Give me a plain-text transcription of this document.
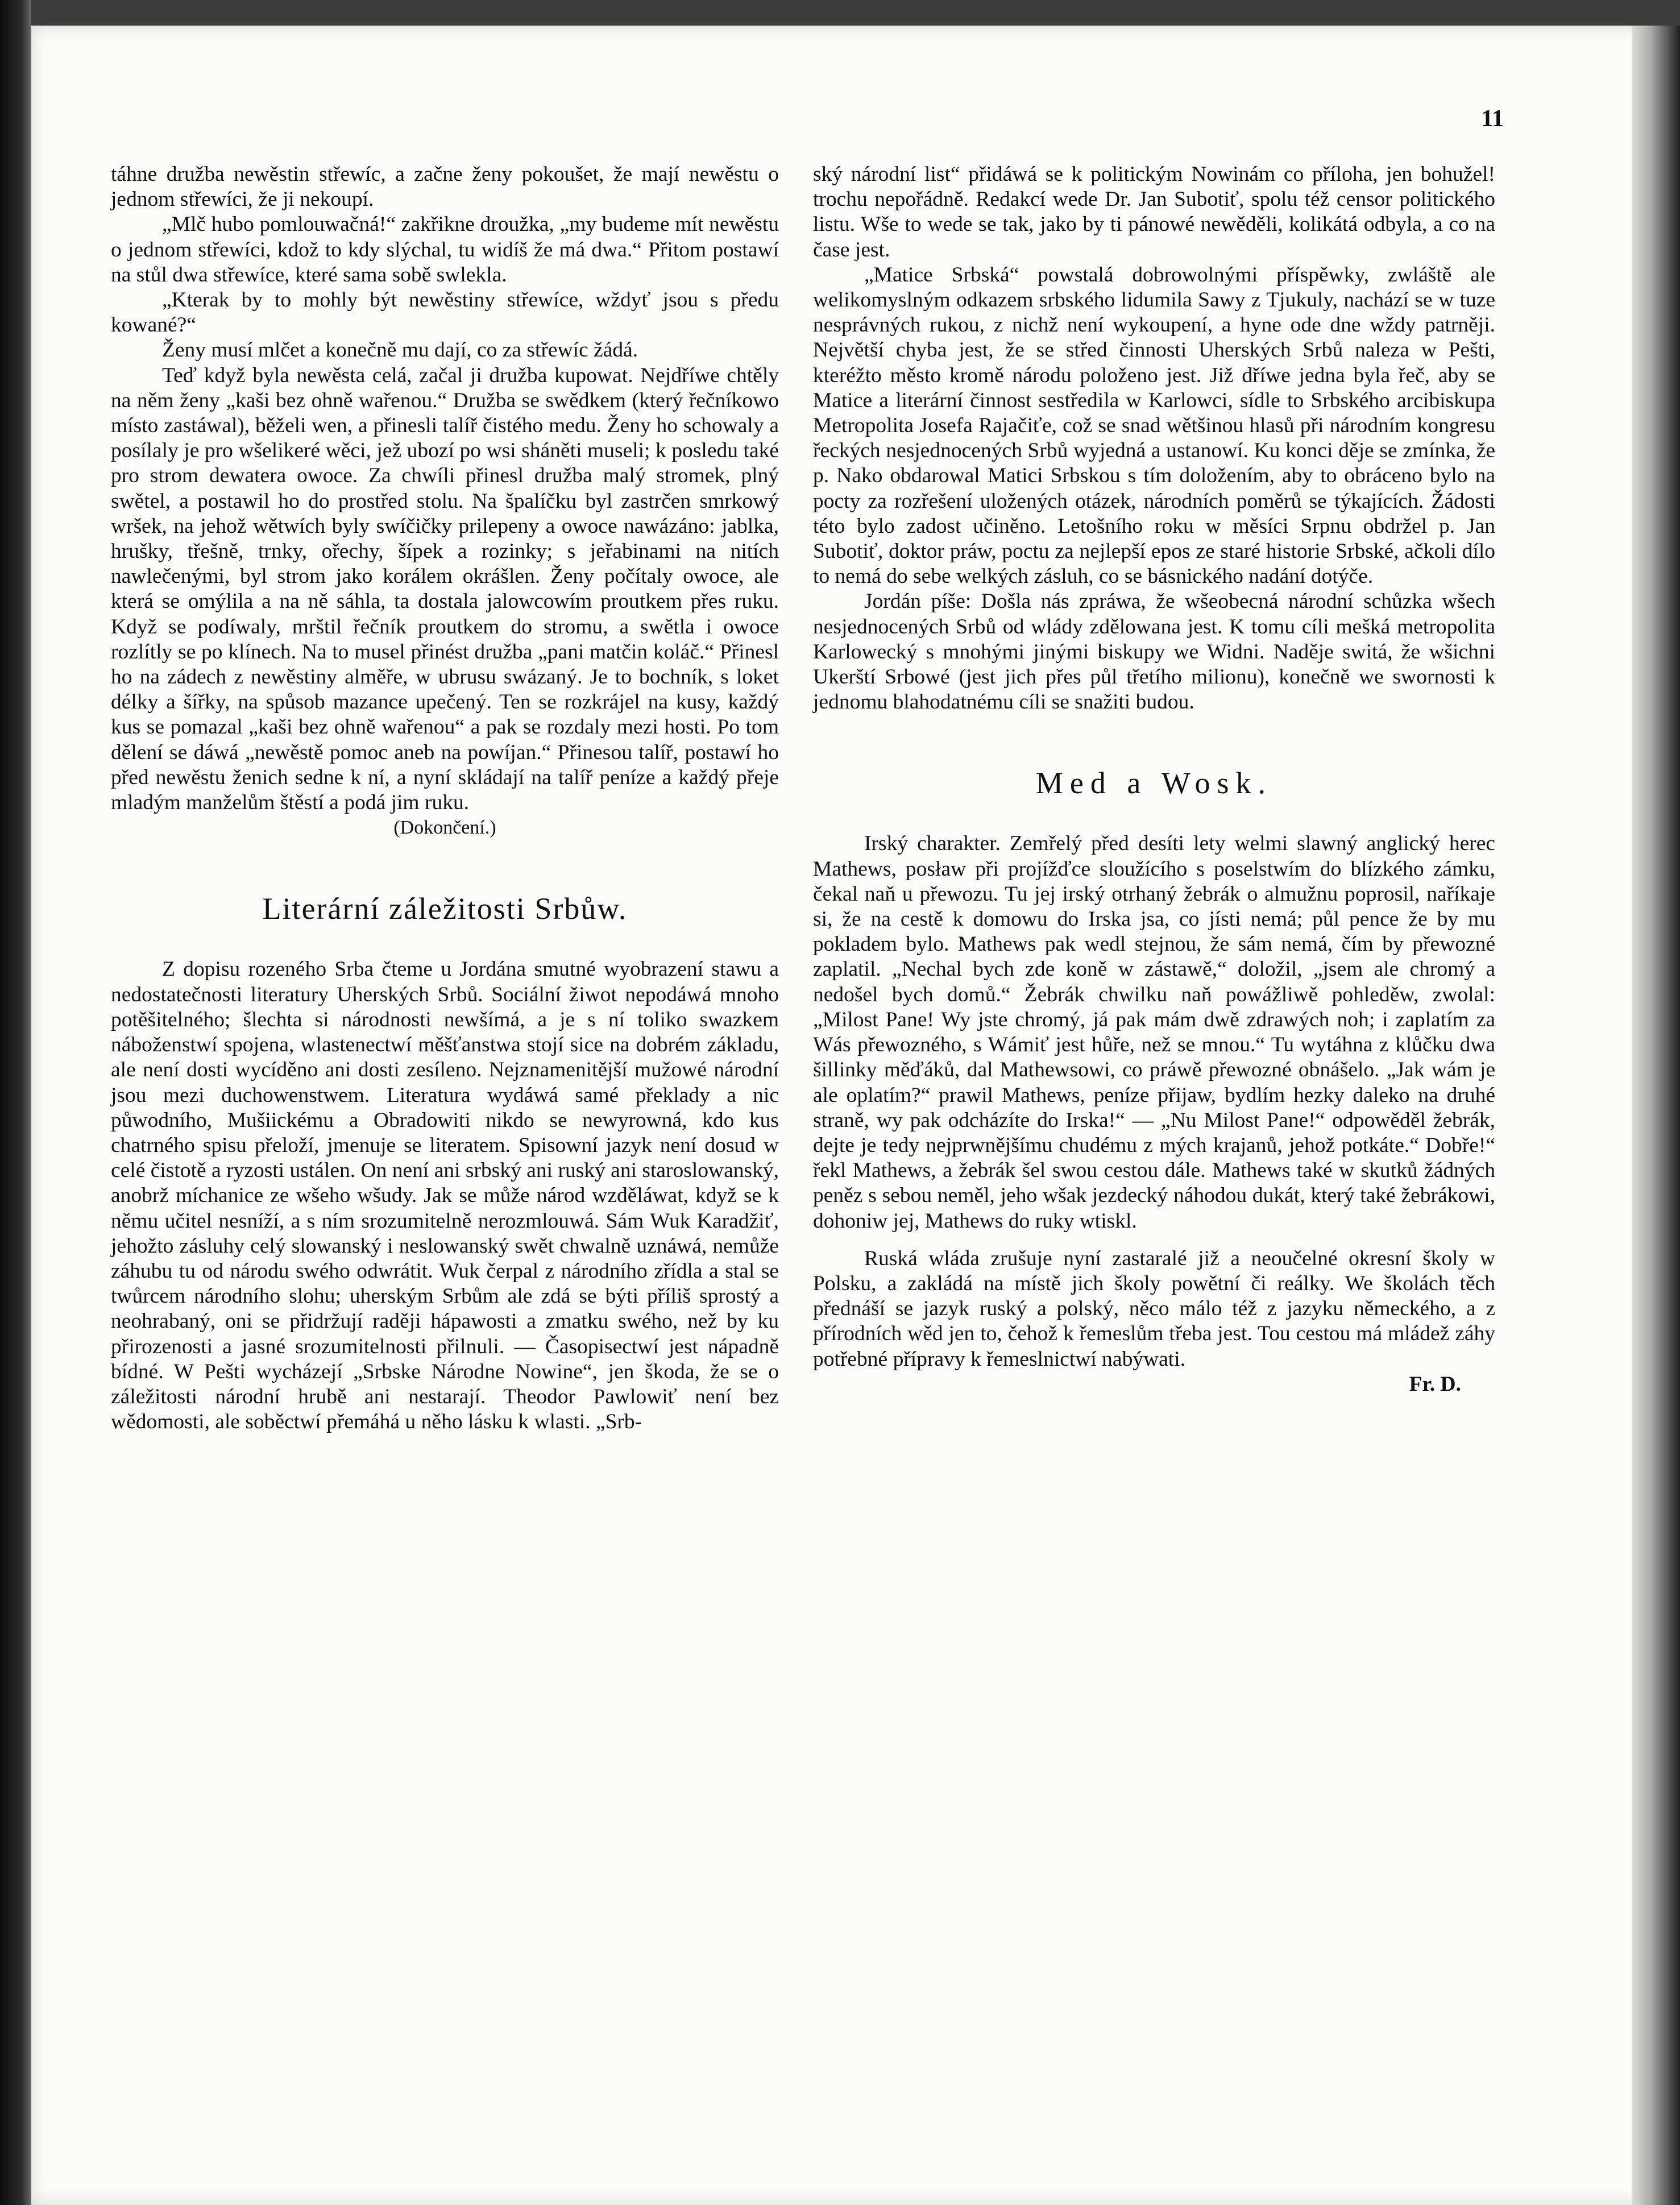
11

táhne družba newěstin střewíc, a začne ženy pokoušet, že mají newěstu o jednom střewíci, že ji nekoupí.

„Mlč hubo pomlouwačná!“ zakřikne droužka, „my budeme mít newěstu o jednom střewíci, kdož to kdy slýchal, tu widíš že má dwa.“ Přitom postawí na stůl dwa střewíce, které sama sobě swlekla.

„Kterak by to mohly být newěstiny střewíce, wždyť jsou s předu kowané?“

Ženy musí mlčet a konečně mu dají, co za střewíc žádá.

Teď když byla newěsta celá, začal ji družba kupowat. Nejdříwe chtěly na něm ženy „kaši bez ohně wařenou.“ Družba se swědkem (který řečníkowo místo zastáwal), běželi wen, a přinesli talíř čistého medu. Ženy ho schowaly a posílaly je pro wšelikeré wěci, jež ubozí po wsi sháněti museli; k posledu také pro strom dewatera owoce. Za chwíli přinesl družba malý stromek, plný swětel, a postawil ho do prostřed stolu. Na špalíčku byl zastrčen smrkowý wršek, na jehož wětwích byly swíčičky prilepeny a owoce nawázáno: jablka, hrušky, třešně, trnky, ořechy, šípek a rozinky; s jeřabinami na nitích nawlečenými, byl strom jako korálem okrášlen. Ženy počítaly owoce, ale která se omýlila a na ně sáhla, ta dostala jalowcowím proutkem přes ruku. Když se podíwaly, mrštil řečník proutkem do stromu, a swětla i owoce rozlítly se po klínech. Na to musel přinést družba „pani matčin koláč.“ Přinesl ho na zádech z newěstiny alměře, w ubrusu swázaný. Je to bochník, s loket délky a šířky, na spůsob mazance upečený. Ten se rozkrájel na kusy, každý kus se pomazal „kaši bez ohně wařenou“ a pak se rozdaly mezi hosti. Po tom dělení se dáwá „newěstě pomoc aneb na powíjan.“ Přinesou talíř, postawí ho před newěstu ženich sedne k ní, a nyní skládají na talíř peníze a každý přeje mladým manželům štěstí a podá jim ruku.

(Dokončení.)

Literární záležitosti Srbůw.

Z dopisu rozeného Srba čteme u Jordána smutné wyobrazení stawu a nedostatečnosti literatury Uherských Srbů. Sociální žiwot nepodáwá mnoho potěšitelného; šlechta si národnosti newšímá, a je s ní toliko swazkem náboženstwí spojena, wlastenectwí měšťanstwa stojí sice na dobrém základu, ale není dosti wycíděno ani dosti zesíleno. Nejznamenitější mužowé národní jsou mezi duchowenstwem. Literatura wydáwá samé překlady a nic půwodního, Mušiickému a Obradowiti nikdo se newyrowná, kdo kus chatrného spisu přeloží, jmenuje se literatem. Spisowní jazyk není dosud w celé čistotě a ryzosti ustálen. On není ani srbský ani ruský ani staroslowanský, anobrž míchanice ze wšeho wšudy. Jak se může národ wzděláwat, když se k němu učitel nesníží, a s ním srozumitelně nerozmlouwá. Sám Wuk Karadžiť, jehožto zásluhy celý slowanský i neslowanský swět chwalně uznáwá, nemůže záhubu tu od národu swého odwrátit. Wuk čerpal z národního zřídla a stal se twůrcem národního slohu; uherským Srbům ale zdá se býti příliš sprostý a neohrabaný, oni se přidržují raději hápawosti a zmatku swého, než by ku přirozenosti a jasné srozumitelnosti přilnuli. — Časopisectwí jest nápadně bídné. W Pešti wycházejí „Srbske Národne Nowine“, jen škoda, že se o záležitosti národní hrubě ani nestarají. Theodor Pawlowiť není bez wědomosti, ale soběctwí přemáhá u něho lásku k wlasti. „Srb-

ský národní list“ přidáwá se k politickým Nowinám co příloha, jen bohužel! trochu nepořádně. Redakcí wede Dr. Jan Subotiť, spolu též censor politického listu. Wše to wede se tak, jako by ti pánowé newěděli, kolikátá odbyla, a co na čase jest.

„Matice Srbská“ powstalá dobrowolnými příspěwky, zwláště ale welikomyslným odkazem srbského lidumila Sawy z Tjukuly, nachází se w tuze nesprávných rukou, z nichž není wykoupení, a hyne ode dne wždy patrněji. Největší chyba jest, že se střed činnosti Uherských Srbů naleza w Pešti, kteréžto město kromě národu položeno jest. Již dříwe jedna byla řeč, aby se Matice a literární činnost sestředila w Karlowci, sídle to Srbského arcibiskupa Metropolita Josefa Rajačiťe, což se snad wětšinou hlasů při národním kongresu řeckých nesjednocených Srbů wyjedná a ustanowí. Ku konci děje se zmínka, že p. Nako obdarowal Matici Srbskou s tím doložením, aby to obráceno bylo na pocty za rozřešení uložených otázek, národních poměrů se týkajících. Žádosti této bylo zadost učiněno. Letošního roku w měsíci Srpnu obdržel p. Jan Subotiť, doktor práw, poctu za nejlepší epos ze staré historie Srbské, ačkoli dílo to nemá do sebe welkých zásluh, co se básnického nadání dotýče.

Jordán píše: Došla nás zpráwa, že wšeobecná národní schůzka wšech nesjednocených Srbů od wlády zdělowana jest. K tomu cíli mešká metropolita Karlowecký s mnohými jinými biskupy we Widni. Naděje switá, že wšichni Ukerští Srbowé (jest jich přes půl třetího milionu), konečně we swornosti k jednomu blahodatnému cíli se snažiti budou.

Med a Wosk.

Irský charakter. Zemřelý před desíti lety welmi slawný anglický herec Mathews, posław při projížďce sloužícího s poselstwím do blízkého zámku, čekal naň u přewozu. Tu jej irský otrhaný žebrák o almužnu poprosil, naříkaje si, že na cestě k domowu do Irska jsa, co jísti nemá; půl pence že by mu pokladem bylo. Mathews pak wedl stejnou, že sám nemá, čím by přewozné zaplatil. „Nechal bych zde koně w zástawě,“ doložil, „jsem ale chromý a nedošel bych domů.“ Žebrák chwilku naň powážliwě pohleděw, zwolal: „Milost Pane! Wy jste chromý, já pak mám dwě zdrawých noh; i zaplatím za Wás přewozného, s Wámiť jest hůře, než se mnou.“ Tu wytáhna z klůčku dwa šillinky měďáků, dal Mathewsowi, co práwě přewozné obnášelo. „Jak wám je ale oplatím?“ prawil Mathews, peníze přijaw, bydlím hezky daleko na druhé straně, wy pak odcházíte do Irska!“ — „Nu Milost Pane!“ odpowěděl žebrák, dejte je tedy nejprwnějšímu chudému z mých krajanů, jehož potkáte.“ Dobře!“ řekl Mathews, a žebrák šel swou cestou dále. Mathews také w skutků žádných peněz s sebou neměl, jeho wšak jezdecký náhodou dukát, který také žebrákowi, dohoniw jej, Mathews do ruky wtiskl.

Ruská wláda zrušuje nyní zastaralé již a neoučelné okresní školy w Polsku, a zakládá na místě jich školy powětní či reálky. We školách těch přednáší se jazyk ruský a polský, něco málo též z jazyku německého, a z přírodních wěd jen to, čehož k řemeslům třeba jest. Tou cestou má mládež záhy potřebné přípravy k řemeslnictwí nabýwati.

Fr. D.
